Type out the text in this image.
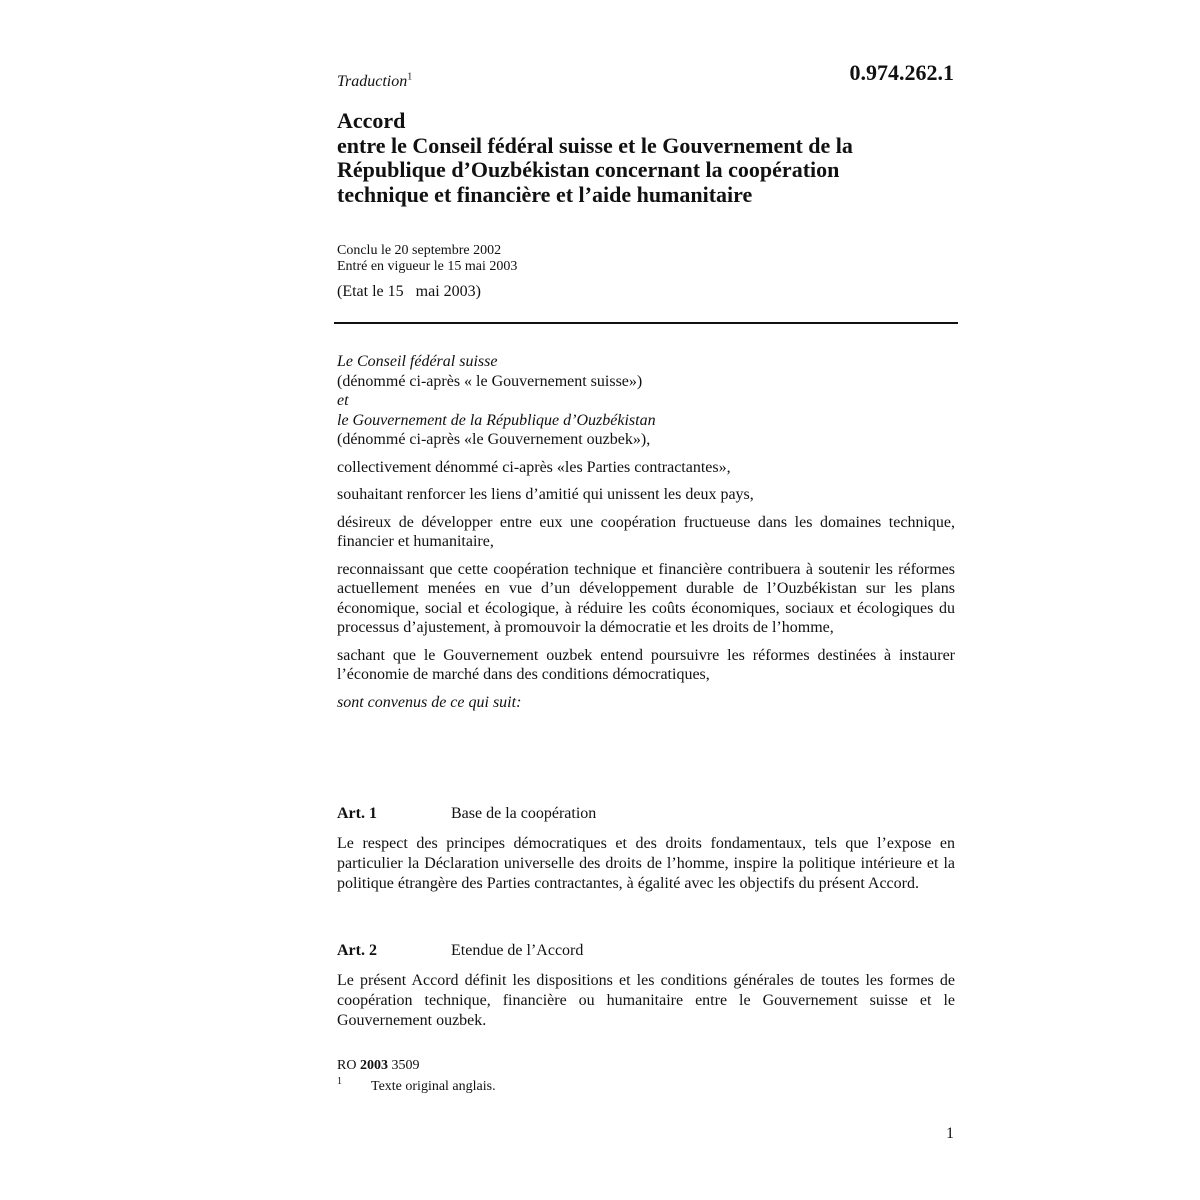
Traduction$^1$	0.974.262.1
Accord
entre le Conseil fédéral suisse et le Gouvernement de la
République d’Ouzbékistan concernant la coopération
technique et financière et l’aide humanitaire
Conclu le 20 septembre 2002
Entré en vigueur le 15 mai 2003
(Etat le 15   mai 2003)

Le Conseil fédéral suisse

(dénommé ci-après « le Gouvernement suisse»)

et

le Gouvernement de la République d’Ouzbékistan

(dénommé ci-après «le Gouvernement ouzbek»),

collectivement dénommé ci-après «les Parties contractantes»,

souhaitant renforcer les liens d’amitié qui unissent les deux pays,

désireux de développer entre eux une coopération fructueuse dans les domaines technique, financier et humanitaire,

reconnaissant que cette coopération technique et financière contribuera à soutenir les réformes actuellement menées en vue d’un développement durable de l’Ouzbékistan sur les plans économique, social et écologique, à réduire les coûts économiques, sociaux et écologiques du processus d’ajustement, à promouvoir la démocratie et les droits de l’homme,

sachant que le Gouvernement ouzbek entend poursuivre les réformes destinées à instaurer l’économie de marché dans des conditions démocratiques,

sont convenus de ce qui suit:

Art. 1	Base de la coopération

Le respect des principes démocratiques et des droits fondamentaux, tels que l’expose en particulier la Déclaration universelle des droits de l’homme, inspire la politique intérieure et la politique étrangère des Parties contractantes, à égalité avec les objectifs du présent Accord.

Art. 2	Etendue de l’Accord

Le présent Accord définit les dispositions et les conditions générales de toutes les formes de coopération technique, financière ou humanitaire entre le Gouvernement suisse et le Gouvernement ouzbek.

RO 2003 3509
1 Texte original anglais.
1
